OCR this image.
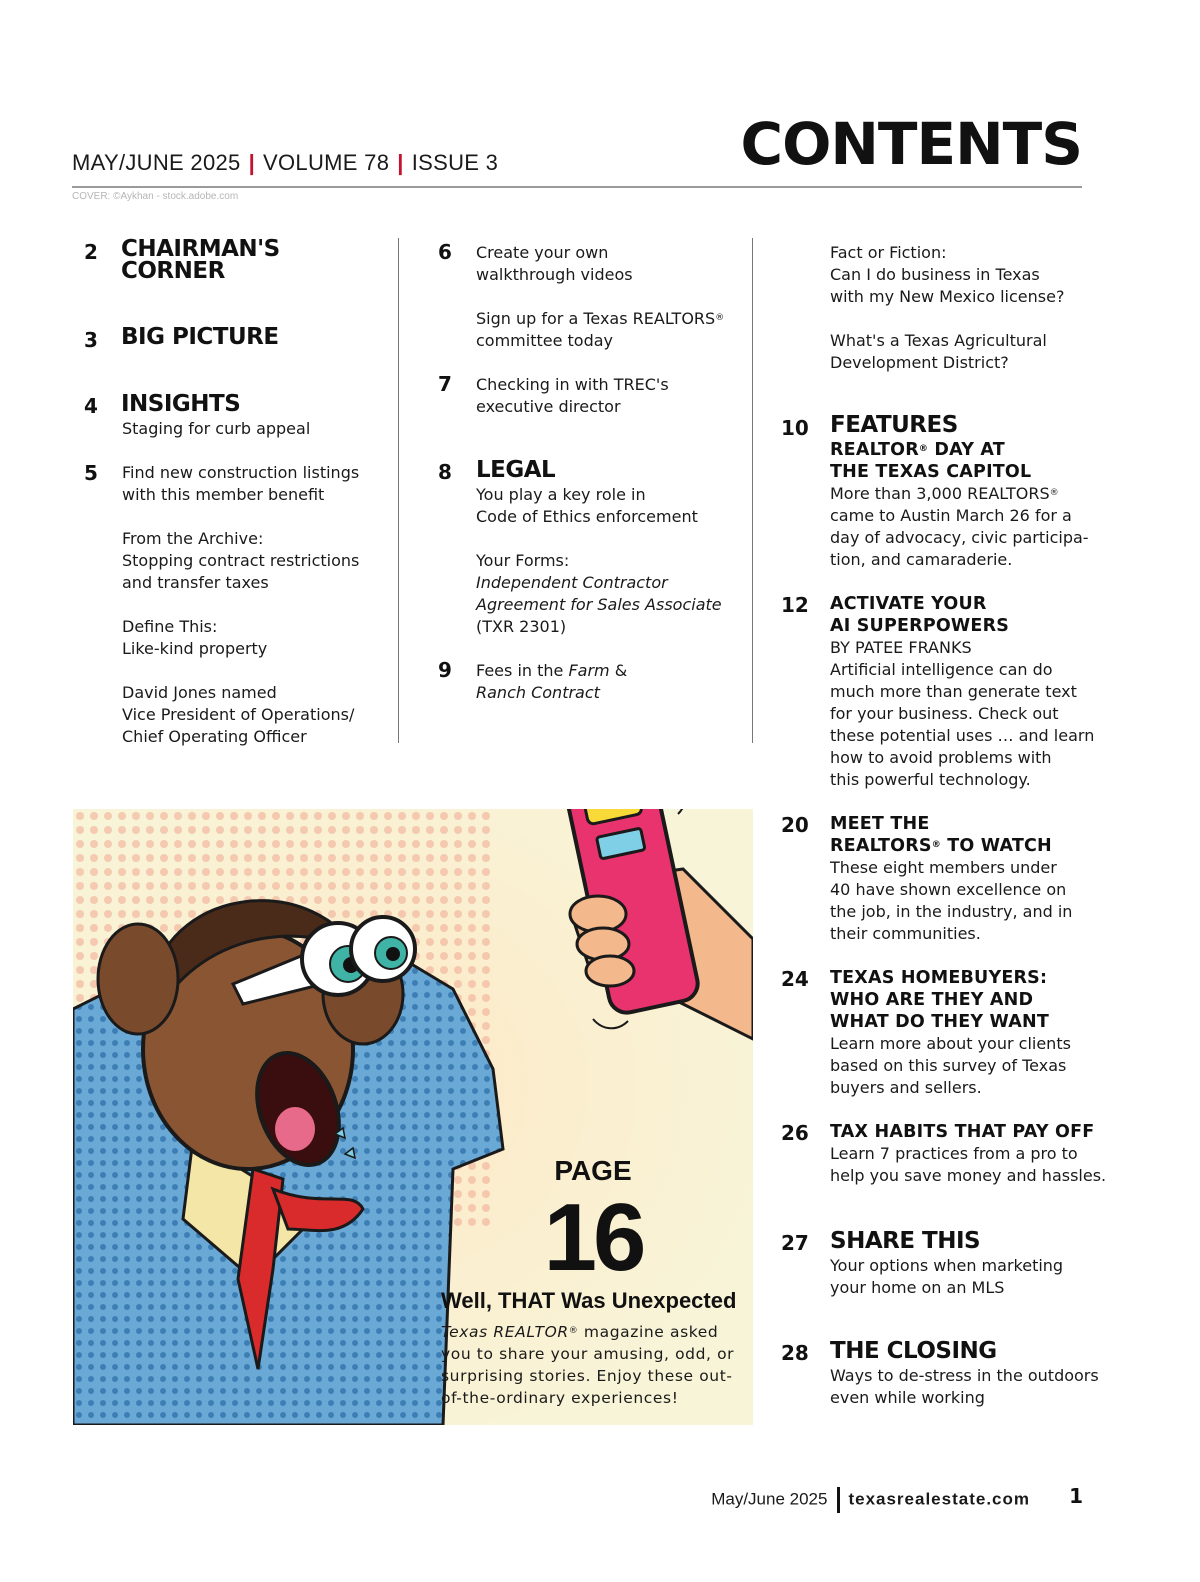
MAY/JUNE 2025 | VOLUME 78 | ISSUE 3	CONTENTS
COVER: ©Aykhan - stock.adobe.com
2 CHAIRMAN'S
CORNER
3 BIG PICTURE
4 INSIGHTS
Staging for curb appeal
5 Find new construction listings
with this member benefit
From the Archive:
Stopping contract restrictions
and transfer taxes
Define This:
Like-kind property
David Jones named
Vice President of Operations/
Chief Operating Officer
6 Create your own
walkthrough videos
Sign up for a Texas REALTORS®
committee today
7 Checking in with TREC's
executive director
8 LEGAL
You play a key role in
Code of Ethics enforcement
Your Forms:
Independent Contractor
Agreement for Sales Associate
(TXR 2301)
9 Fees in the Farm &
Ranch Contract
Fact or Fiction:
Can I do business in Texas
with my New Mexico license?
What's a Texas Agricultural
Development District?
10 FEATURES
REALTOR® DAY AT
THE TEXAS CAPITOL
More than 3,000 REALTORS®
came to Austin March 26 for a
day of advocacy, civic participa-
tion, and camaraderie.
12 ACTIVATE YOUR
AI SUPERPOWERS
BY PATEE FRANKS
Artificial intelligence can do
much more than generate text
for your business. Check out
these potential uses … and learn
how to avoid problems with
this powerful technology.
20 MEET THE
REALTORS® TO WATCH
These eight members under
40 have shown excellence on
the job, in the industry, and in
their communities.
24 TEXAS HOMEBUYERS:
WHO ARE THEY AND
WHAT DO THEY WANT
Learn more about your clients
based on this survey of Texas
buyers and sellers.
26 TAX HABITS THAT PAY OFF
Learn 7 practices from a pro to
help you save money and hassles.
27 SHARE THIS
Your options when marketing
your home on an MLS
28 THE CLOSING
Ways to de-stress in the outdoors
even while working
PAGE
16
Well, THAT Was Unexpected
Texas REALTOR® magazine asked you to share your amusing, odd, or surprising stories. Enjoy these out-of-the-ordinary experiences!
May/June 2025 texasrealestate.com 1
